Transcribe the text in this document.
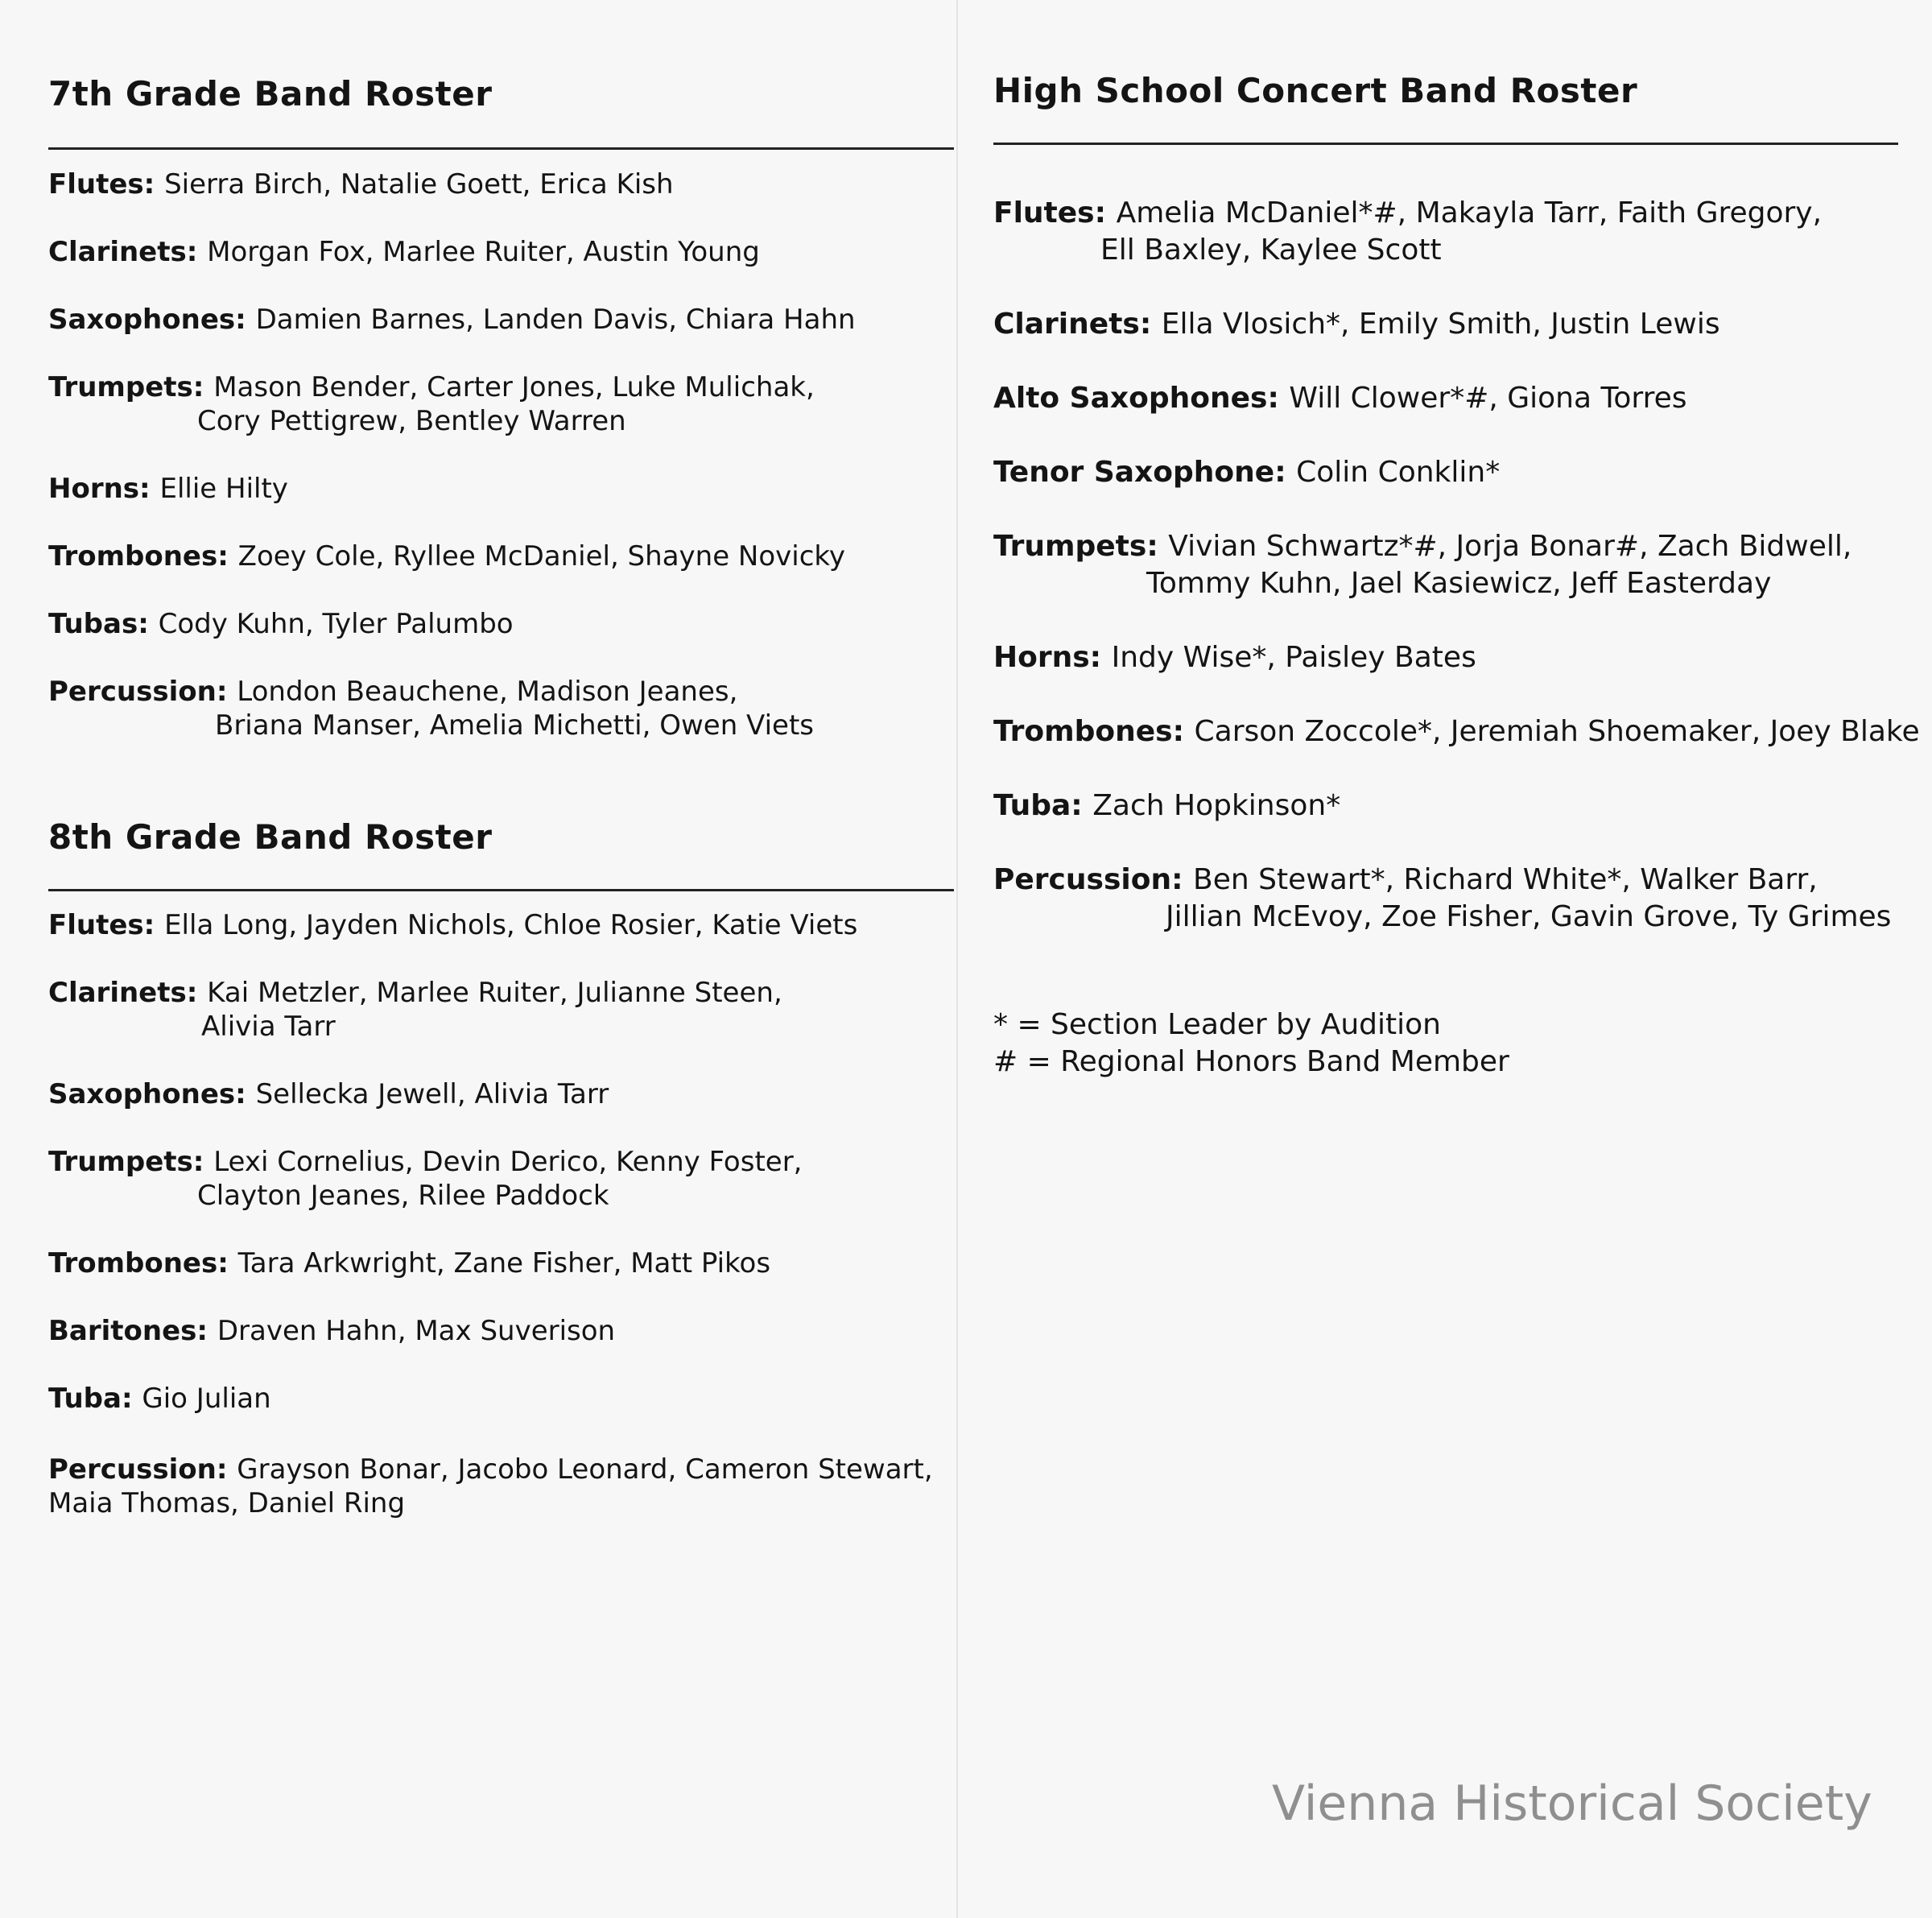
7th Grade Band Roster
Flutes: Sierra Birch, Natalie Goett, Erica Kish
Clarinets: Morgan Fox, Marlee Ruiter, Austin Young
Saxophones: Damien Barnes, Landen Davis, Chiara Hahn
Trumpets: Mason Bender, Carter Jones, Luke Mulichak,
Cory Pettigrew, Bentley Warren
Horns: Ellie Hilty
Trombones: Zoey Cole, Ryllee McDaniel, Shayne Novicky
Tubas: Cody Kuhn, Tyler Palumbo
Percussion: London Beauchene, Madison Jeanes,
Briana Manser, Amelia Michetti, Owen Viets
8th Grade Band Roster
Flutes: Ella Long, Jayden Nichols, Chloe Rosier, Katie Viets
Clarinets: Kai Metzler, Marlee Ruiter, Julianne Steen,
Alivia Tarr
Saxophones: Sellecka Jewell, Alivia Tarr
Trumpets: Lexi Cornelius, Devin Derico, Kenny Foster,
Clayton Jeanes, Rilee Paddock
Trombones: Tara Arkwright, Zane Fisher, Matt Pikos
Baritones: Draven Hahn, Max Suverison
Tuba: Gio Julian
Percussion: Grayson Bonar, Jacobo Leonard, Cameron Stewart,
Maia Thomas, Daniel Ring
High School Concert Band Roster
Flutes: Amelia McDaniel*#, Makayla Tarr, Faith Gregory,
Ell Baxley, Kaylee Scott
Clarinets: Ella Vlosich*, Emily Smith, Justin Lewis
Alto Saxophones: Will Clower*#, Giona Torres
Tenor Saxophone: Colin Conklin*
Trumpets: Vivian Schwartz*#, Jorja Bonar#, Zach Bidwell,
Tommy Kuhn, Jael Kasiewicz, Jeff Easterday
Horns: Indy Wise*, Paisley Bates
Trombones: Carson Zoccole*, Jeremiah Shoemaker, Joey Blake
Tuba: Zach Hopkinson*
Percussion: Ben Stewart*, Richard White*, Walker Barr,
Jillian McEvoy, Zoe Fisher, Gavin Grove, Ty Grimes
* = Section Leader by Audition
# = Regional Honors Band Member
Vienna Historical Society
